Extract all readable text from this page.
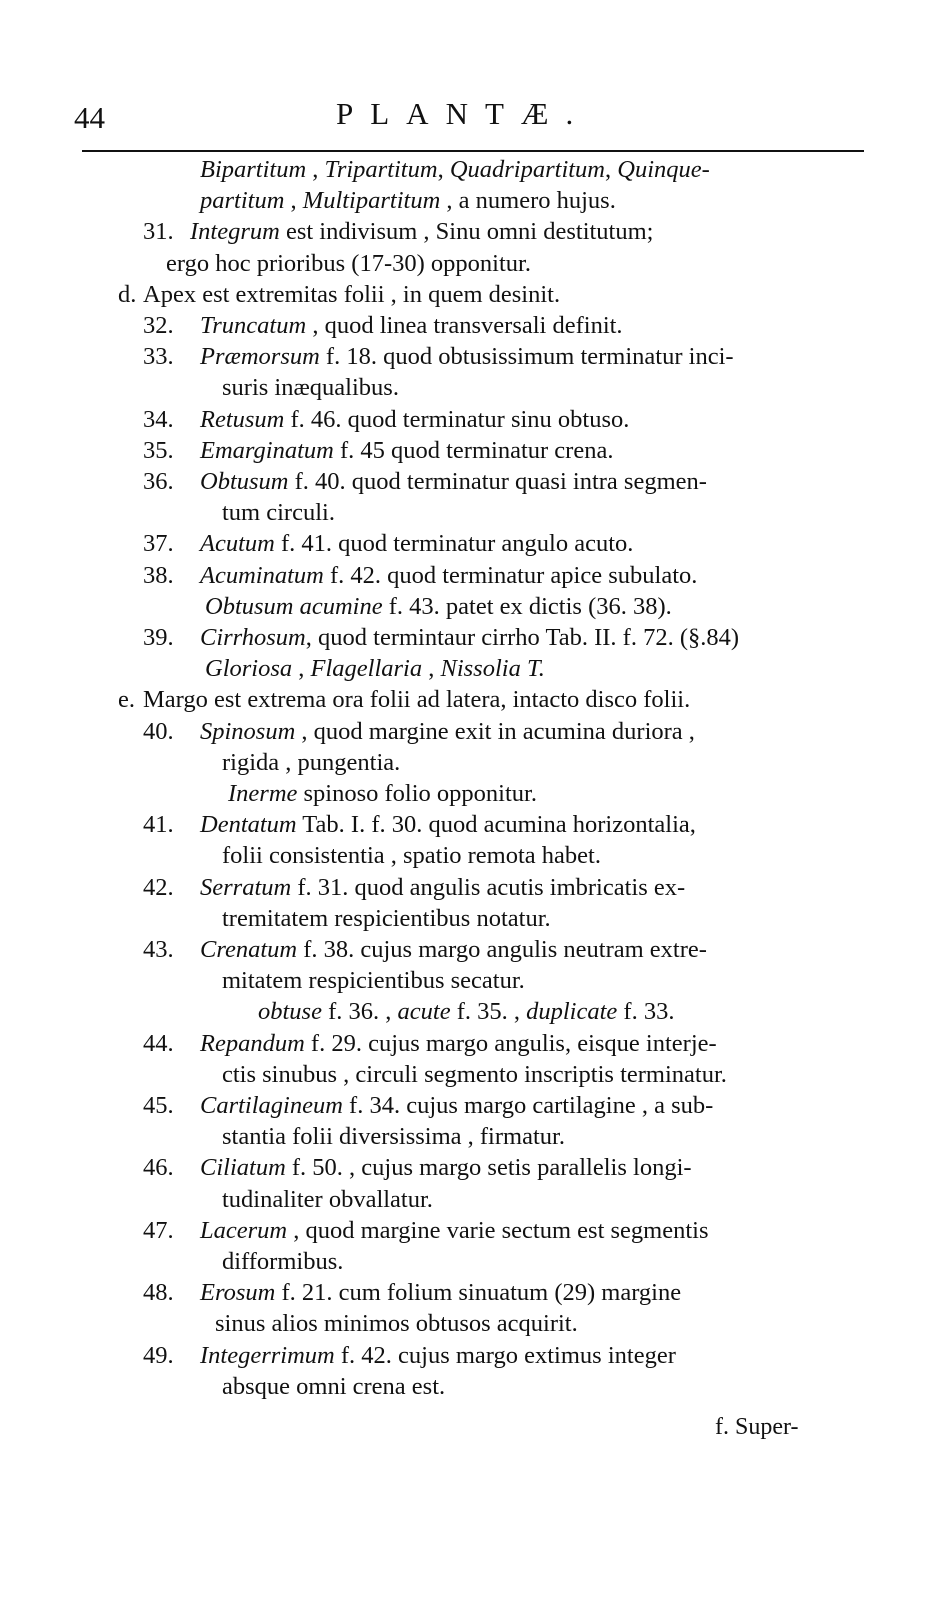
44	PLANTÆ.
Bipartitum , Tripartitum, Quadripartitum, Quinque-
partitum , Multipartitum , a numero hujus.
31. Integrum est indivisum , Sinu omni destitutum;
ergo hoc prioribus (17-30) opponitur.
d. Apex est extremitas folii , in quem desinit.
32. Truncatum , quod linea transversali definit.
33. Præmorsum f. 18. quod obtusissimum terminatur inci-
suris inæqualibus.
34. Retusum f. 46. quod terminatur sinu obtuso.
35. Emarginatum f. 45 quod terminatur crena.
36. Obtusum f. 40. quod terminatur quasi intra segmen-
tum circuli.
37. Acutum f. 41. quod terminatur angulo acuto.
38. Acuminatum f. 42. quod terminatur apice subulato.
Obtusum acumine f. 43. patet ex dictis (36. 38).
39. Cirrhosum, quod termintaur cirrho Tab. II. f. 72. (§.84)
Gloriosa , Flagellaria , Nissolia T.
e. Margo est extrema ora folii ad latera, intacto disco folii.
40. Spinosum , quod margine exit in acumina duriora ,
rigida , pungentia.
Inerme spinoso folio opponitur.
41. Dentatum Tab. I. f. 30. quod acumina horizontalia,
folii consistentia , spatio remota habet.
42. Serratum f. 31. quod angulis acutis imbricatis ex-
tremitatem respicientibus notatur.
43. Crenatum f. 38. cujus margo angulis neutram extre-
mitatem respicientibus secatur.
obtuse f. 36. , acute f. 35. , duplicate f. 33.
44. Repandum f. 29. cujus margo angulis, eisque interje-
ctis sinubus , circuli segmento inscriptis terminatur.
45. Cartilagineum f. 34. cujus margo cartilagine , a sub-
stantia folii diversissima , firmatur.
46. Ciliatum f. 50. , cujus margo setis parallelis longi-
tudinaliter obvallatur.
47. Lacerum , quod margine varie sectum est segmentis
difformibus.
48. Erosum f. 21. cum folium sinuatum (29) margine
sinus alios minimos obtusos acquirit.
49. Integerrimum f. 42. cujus margo extimus integer
absque omni crena est.
f. Super-
